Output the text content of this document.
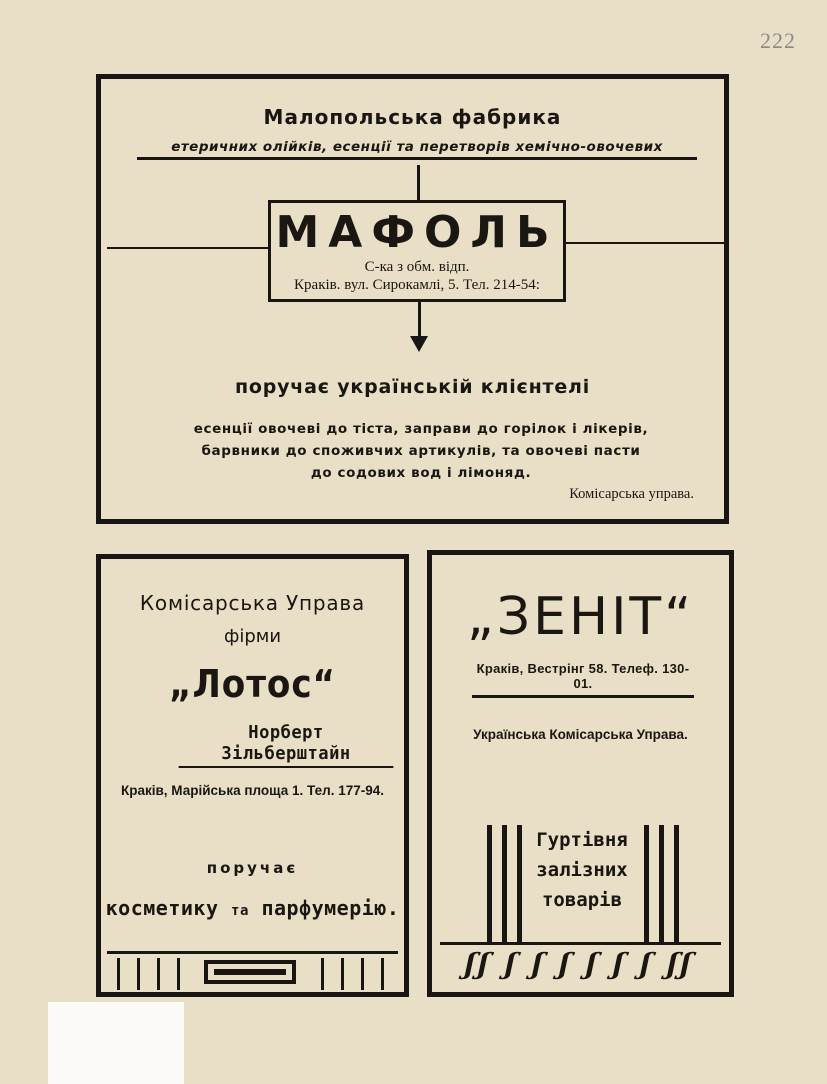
222
Малопольська фабрика
етеричних олійків, есенції та перетворів хемічно-овочевих
МАФОЛЬ
С-ка з обм. відп.
Краків. вул. Сирокамлі, 5. Тел. 214-54:
поручає українській клієнтелі
есенції овочеві до тіста, заправи до горілок і лікерів,
барвники до споживчих артикулів, та овочеві пасти
до содових вод і лімоняд.
Комісарська управа.
Комісарська Управа
фірми
„Лотос“
Норберт Зільберштайн
Краків, Марійська площа 1. Тел. 177-94.
поручає
косметику та парфумерію.
„ЗЕНІТ“
Краків, Вестрінг 58. Телеф. 130-01.
Українська Комісарська Управа.
Гуртівня
залізних
товарів
ʃʃ ʃ ʃ ʃ ʃ ʃ ʃ ʃʃ
